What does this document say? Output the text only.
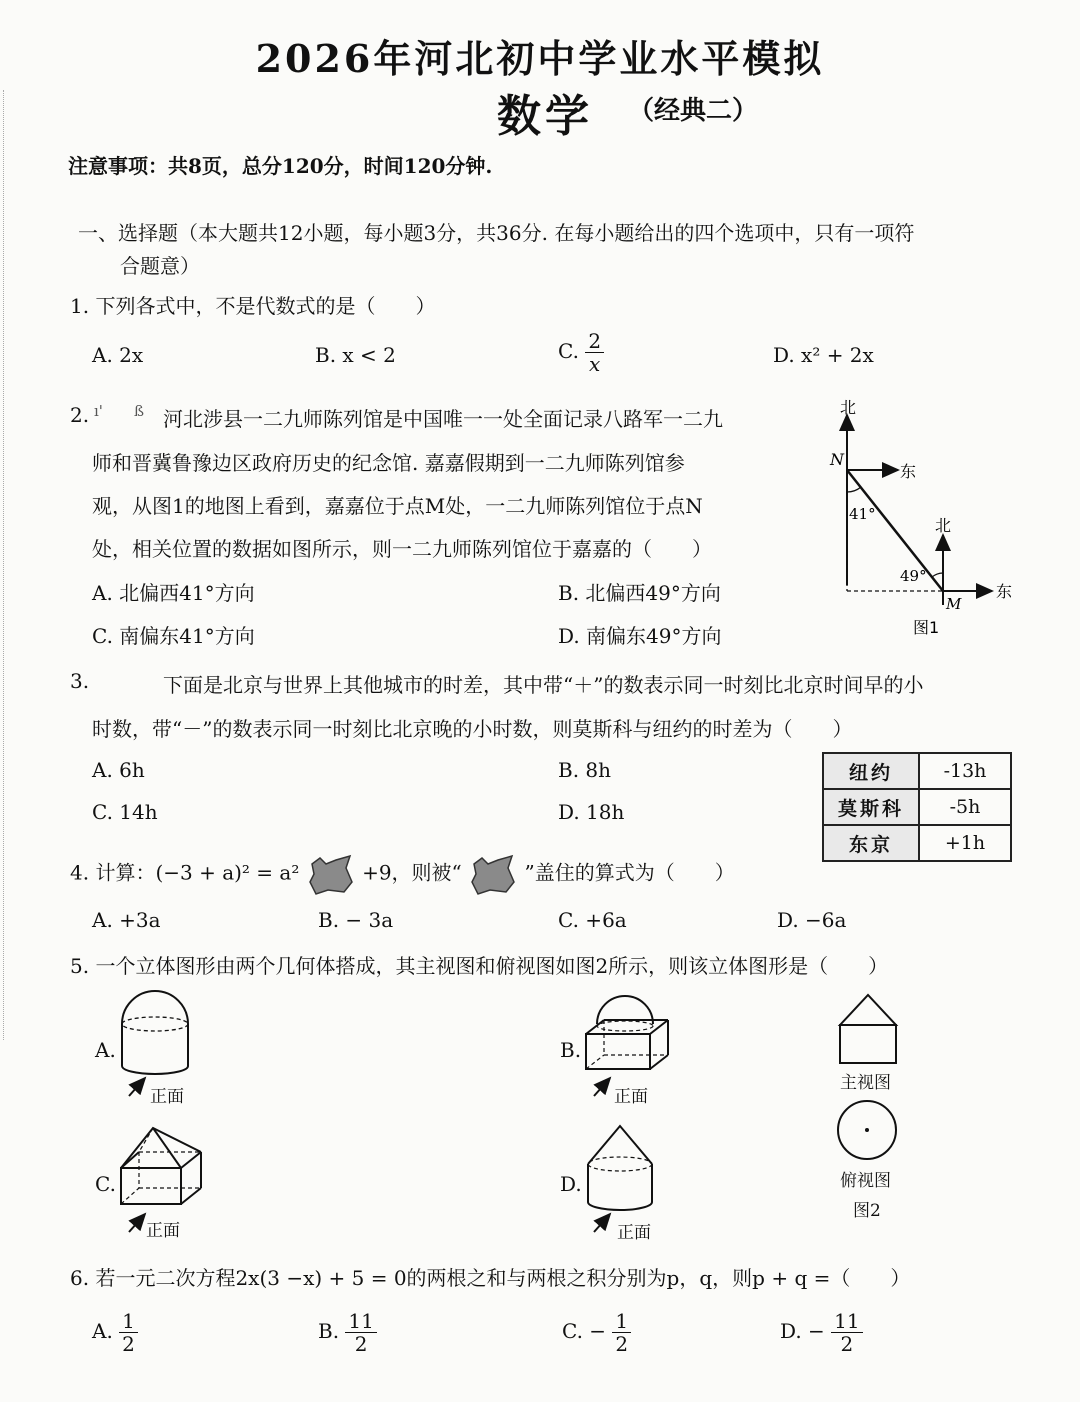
2026年河北初中学业水平模拟
数学 （经典二）
注意事项：共8页，总分120分，时间120分钟.
一、选择题（本大题共12小题，每小题3分，共36分. 在每小题给出的四个选项中，只有一项符
合题意）
1. 下列各式中，不是代数式的是（　　）
A. 2x	B. x < 2	C. $\frac{2}{x}$	D. x² + 2x
2. ı' ß 河北涉县一二九师陈列馆是中国唯一一处全面记录八路军一二九
师和晋冀鲁豫边区政府历史的纪念馆. 嘉嘉假期到一二九师陈列馆参
观，从图1的地图上看到，嘉嘉位于点M处，一二九师陈列馆位于点N
处，相关位置的数据如图所示，则一二九师陈列馆位于嘉嘉的（　　）
A. 北偏西41°方向	B. 北偏西49°方向
C. 南偏东41°方向	D. 南偏东49°方向
北
东
北
东
N
M
41°
49°
图1
3.	下面是北京与世界上其他城市的时差，其中带“＋”的数表示同一时刻比北京时间早的小
时数，带“－”的数表示同一时刻比北京晚的小时数，则莫斯科与纽约的时差为（　　）
A. 6h	B. 8h
C. 14h	D. 18h
纽约	-13h
莫斯科	-5h
东京	+1h
4. 计算：(−3 + a)² = a²	+9，则被“	”盖住的算式为（　　）
A. +3a	B. − 3a	C. +6a	D. −6a
5. 一个立体图形由两个几何体搭成，其主视图和俯视图如图2所示，则该立体图形是（　　）
A.
正面
B.
正面
主视图
俯视图
图2
C.
正面
D.
正面
6. 若一元二次方程2x(3 −x) + 5 = 0的两根之和与两根之积分别为p，q，则p + q =（　　）
A. $\frac{1}{2}$	B. $\frac{11}{2}$	C. − $\frac{1}{2}$	D. − $\frac{11}{2}$
